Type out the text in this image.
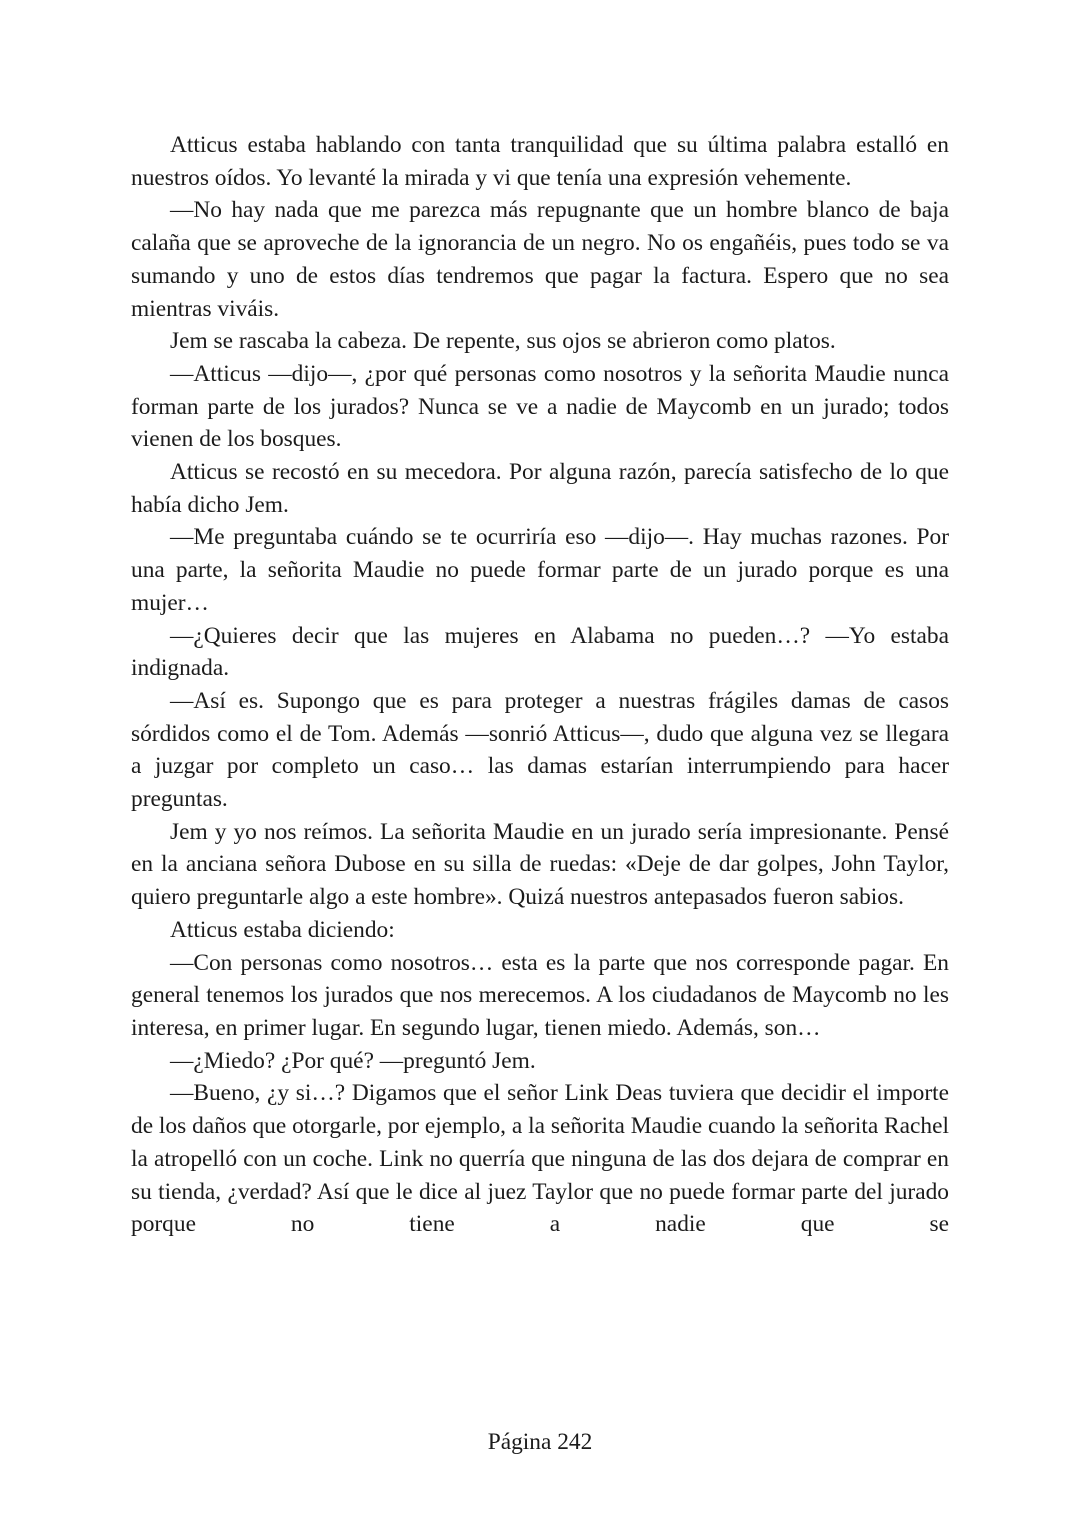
Atticus estaba hablando con tanta tranquilidad que su última palabra estalló en nuestros oídos. Yo levanté la mirada y vi que tenía una expresión vehemente.

—No hay nada que me parezca más repugnante que un hombre blanco de baja calaña que se aproveche de la ignorancia de un negro. No os engañéis, pues todo se va sumando y uno de estos días tendremos que pagar la factura. Espero que no sea mientras viváis.

Jem se rascaba la cabeza. De repente, sus ojos se abrieron como platos.

—Atticus —dijo—, ¿por qué personas como nosotros y la señorita Maudie nunca forman parte de los jurados? Nunca se ve a nadie de Maycomb en un jurado; todos vienen de los bosques.

Atticus se recostó en su mecedora. Por alguna razón, parecía satisfecho de lo que había dicho Jem.

—Me preguntaba cuándo se te ocurriría eso —dijo—. Hay muchas razones. Por una parte, la señorita Maudie no puede formar parte de un jurado porque es una mujer…

—¿Quieres decir que las mujeres en Alabama no pueden…? —Yo estaba indignada.

—Así es. Supongo que es para proteger a nuestras frágiles damas de casos sórdidos como el de Tom. Además —sonrió Atticus—, dudo que alguna vez se llegara a juzgar por completo un caso… las damas estarían interrumpiendo para hacer preguntas.

Jem y yo nos reímos. La señorita Maudie en un jurado sería impresionante. Pensé en la anciana señora Dubose en su silla de ruedas: «Deje de dar golpes, John Taylor, quiero preguntarle algo a este hombre». Quizá nuestros antepasados fueron sabios.

Atticus estaba diciendo:

—Con personas como nosotros… esta es la parte que nos corresponde pagar. En general tenemos los jurados que nos merecemos. A los ciudadanos de Maycomb no les interesa, en primer lugar. En segundo lugar, tienen miedo. Además, son…

—¿Miedo? ¿Por qué? —preguntó Jem.

—Bueno, ¿y si…? Digamos que el señor Link Deas tuviera que decidir el importe de los daños que otorgarle, por ejemplo, a la señorita Maudie cuando la señorita Rachel la atropelló con un coche. Link no querría que ninguna de las dos dejara de comprar en su tienda, ¿verdad? Así que le dice al juez Taylor que no puede formar parte del jurado porque no tiene a nadie que se

Página 242
